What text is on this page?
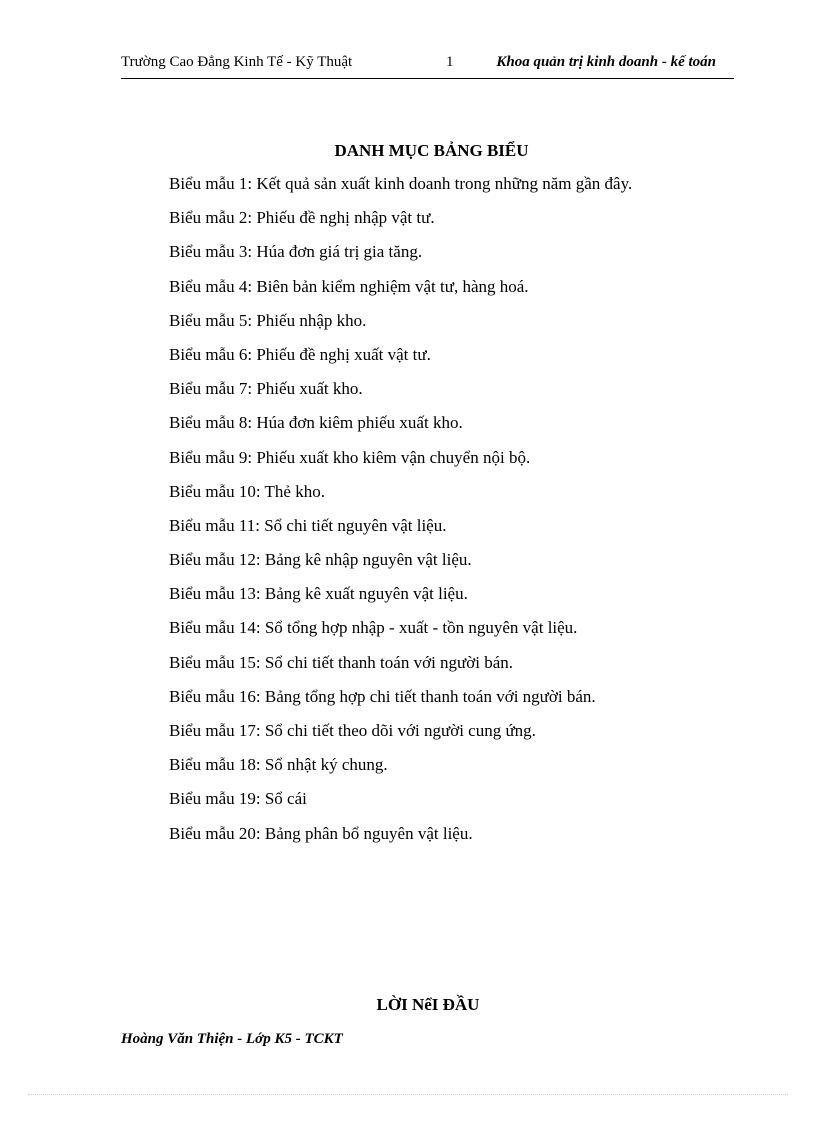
Trường Cao Đẳng Kinh Tế - Kỹ Thuật	1	Khoa quản trị kinh doanh - kế toán
DANH MỤC BẢNG BIỂU
Biểu mẫu 1: Kết quả sản xuất kinh doanh trong những năm gần đây.
Biểu mẫu 2: Phiếu đề nghị nhập vật tư.
Biểu mẫu 3: Húa đơn giá trị gia tăng.
Biểu mẫu 4: Biên bản kiểm nghiệm vật tư, hàng hoá.
Biểu mẫu 5: Phiếu nhập kho.
Biểu mẫu 6: Phiếu đề nghị xuất vật tư.
Biểu mẫu 7: Phiếu xuất kho.
Biểu mẫu 8: Húa đơn kiêm phiếu xuất kho.
Biểu mẫu 9: Phiếu xuất kho kiêm vận chuyển nội bộ.
Biểu mẫu 10: Thẻ kho.
Biểu mẫu 11: Sổ chi tiết nguyên vật liệu.
Biểu mẫu 12: Bảng kê nhập nguyên vật liệu.
Biểu mẫu 13: Bảng kê xuất nguyên vật liệu.
Biểu mẫu 14: Sổ tổng hợp nhập - xuất - tồn nguyên vật liệu.
Biểu mẫu 15: Sổ chi tiết thanh toán với người bán.
Biểu mẫu 16: Bảng tổng hợp chi tiết thanh toán với người bán.
Biểu mẫu 17: Sổ chi tiết theo dõi với người cung ứng.
Biểu mẫu 18: Sổ nhật ký chung.
Biểu mẫu 19: Sổ cái
Biểu mẫu 20: Bảng phân bổ nguyên vật liệu.
LỜI NểI ĐẦU
Hoàng Văn Thiện - Lớp K5 - TCKT
